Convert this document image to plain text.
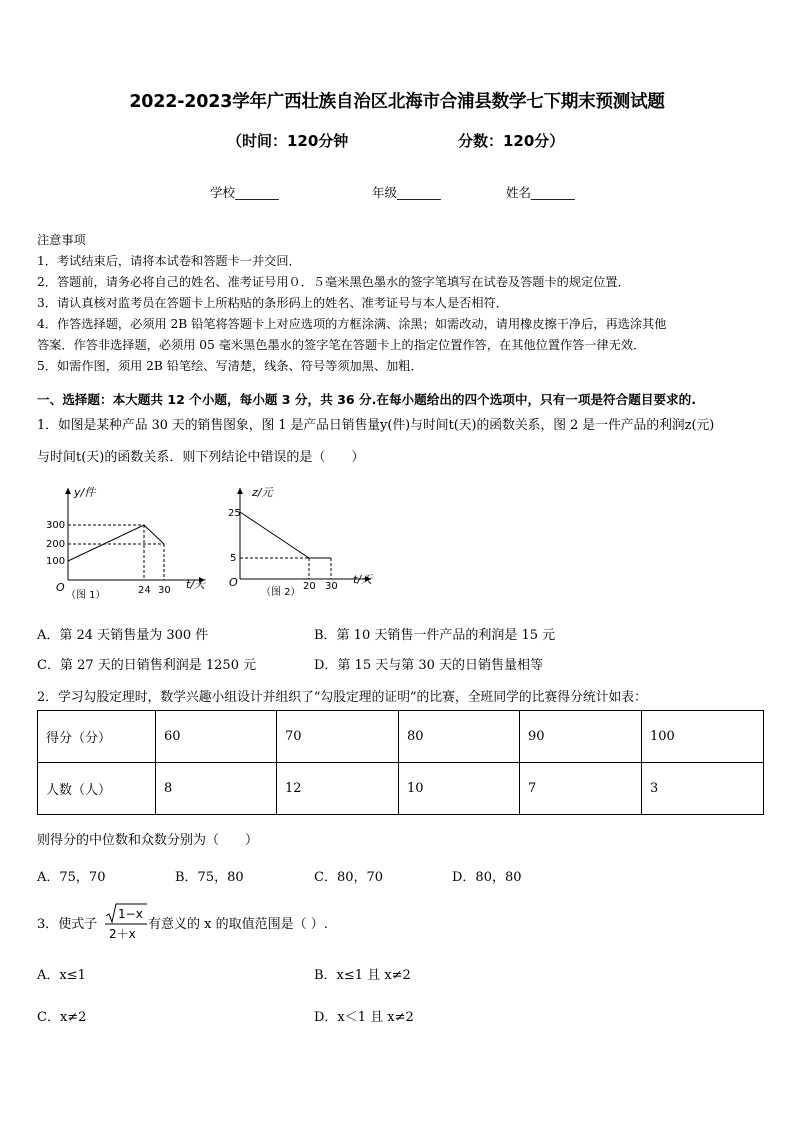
2022-2023学年广西壮族自治区北海市合浦县数学七下期末预测试题
（时间：120分钟	分数：120分）
学校_______	年级_______	姓名_______

注意事项

1．考试结束后，请将本试卷和答题卡一并交回．

2．答题前，请务必将自己的姓名、准考证号用０．５毫米黑色墨水的签字笔填写在试卷及答题卡的规定位置．

3．请认真核对监考员在答题卡上所粘贴的条形码上的姓名、准考证号与本人是否相符．

4．作答选择题，必须用 2B 铅笔将答题卡上对应选项的方框涂满、涂黑；如需改动，请用橡皮擦干净后，再选涂其他

答案．作答非选择题，必须用 05 毫米黑色墨水的签字笔在答题卡上的指定位置作答，在其他位置作答一律无效．

5．如需作图，须用 2B 铅笔绘、写清楚，线条、符号等须加黑、加粗．

一、选择题：本大题共 12 个小题，每小题 3 分，共 36 分.在每小题给出的四个选项中，只有一项是符合题目要求的.
1．如图是某种产品 30 天的销售图象，图 1 是产品日销售量y(件)与时间t(天)的函数关系，图 2 是一件产品的利润z(元)
与时间t(天)的函数关系．则下列结论中错误的是（　　）
y/件
t/天
O
300
200
100
24 30
（图 1）
z/元
t/天
O
25
5
20 30
（图 2）
A．第 24 天销售量为 300 件	B．第 10 天销售一件产品的利润是 15 元
C．第 27 天的日销售利润是 1250 元	D．第 15 天与第 30 天的日销售量相等
2．学习勾股定理时，数学兴趣小组设计并组织了“勾股定理的证明”的比赛，全班同学的比赛得分统计如表：
得分（分）	60	70	80	90	100
人数（人）	8	12	10	7	3
则得分的中位数和众数分别为（　　）
A．75，70	B．75，80	C．80，70	D．80，80
3．使式子
1−x
2＋x
有意义的 x 的取值范围是（ ）.
A．x≤1	B．x≤1 且 x≠2
C．x≠2	D．x＜1 且 x≠2
